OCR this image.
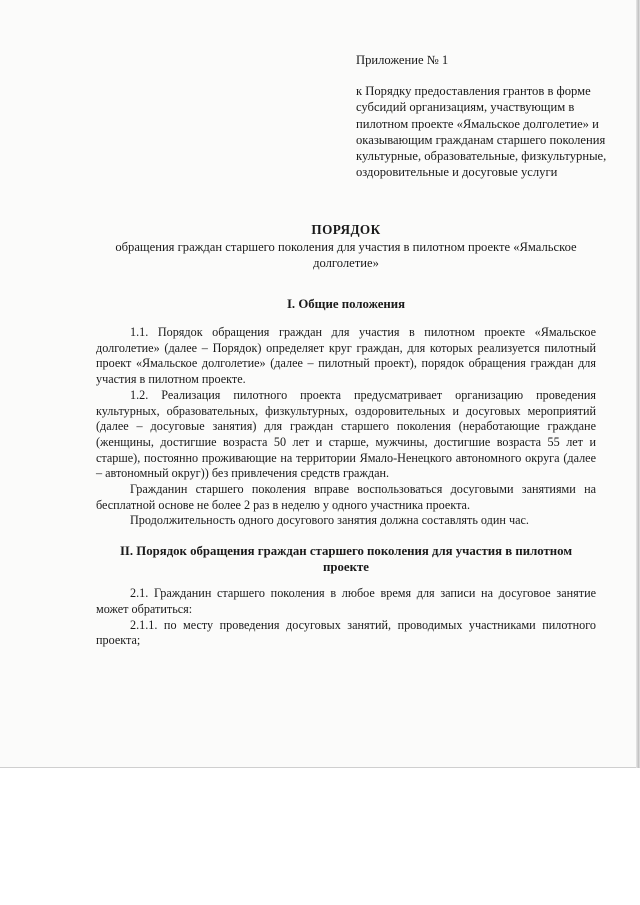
Приложение № 1

к Порядку предоставления грантов в форме субсидий организациям, участвующим в пилотном проекте «Ямальское долголетие» и оказывающим гражданам старшего поколения культурные, образовательные, физкультурные, оздоровительные и досуговые услуги

ПОРЯДОК
обращения граждан старшего поколения для участия в пилотном проекте «Ямальское долголетие»
I. Общие положения

1.1. Порядок обращения граждан для участия в пилотном проекте «Ямальское долголетие» (далее – Порядок) определяет круг граждан, для которых реализуется пилотный проект «Ямальское долголетие» (далее – пилотный проект), порядок обращения граждан для участия в пилотном проекте.

1.2. Реализация пилотного проекта предусматривает организацию проведения культурных, образовательных, физкультурных, оздоровительных и досуговых мероприятий (далее – досуговые занятия) для граждан старшего поколения (неработающие граждане (женщины, достигшие возраста 50 лет и старше, мужчины, достигшие возраста 55 лет и старше), постоянно проживающие на территории Ямало-Ненецкого автономного округа (далее – автономный округ)) без привлечения средств граждан.

Гражданин старшего поколения вправе воспользоваться досуговыми занятиями на бесплатной основе не более 2 раз в неделю у одного участника проекта.

Продолжительность одного досугового занятия должна составлять один час.

II. Порядок обращения граждан старшего поколения для участия в пилотном проекте

2.1. Гражданин старшего поколения в любое время для записи на досуговое занятие может обратиться:

2.1.1. по месту проведения досуговых занятий, проводимых участниками пилотного проекта;
